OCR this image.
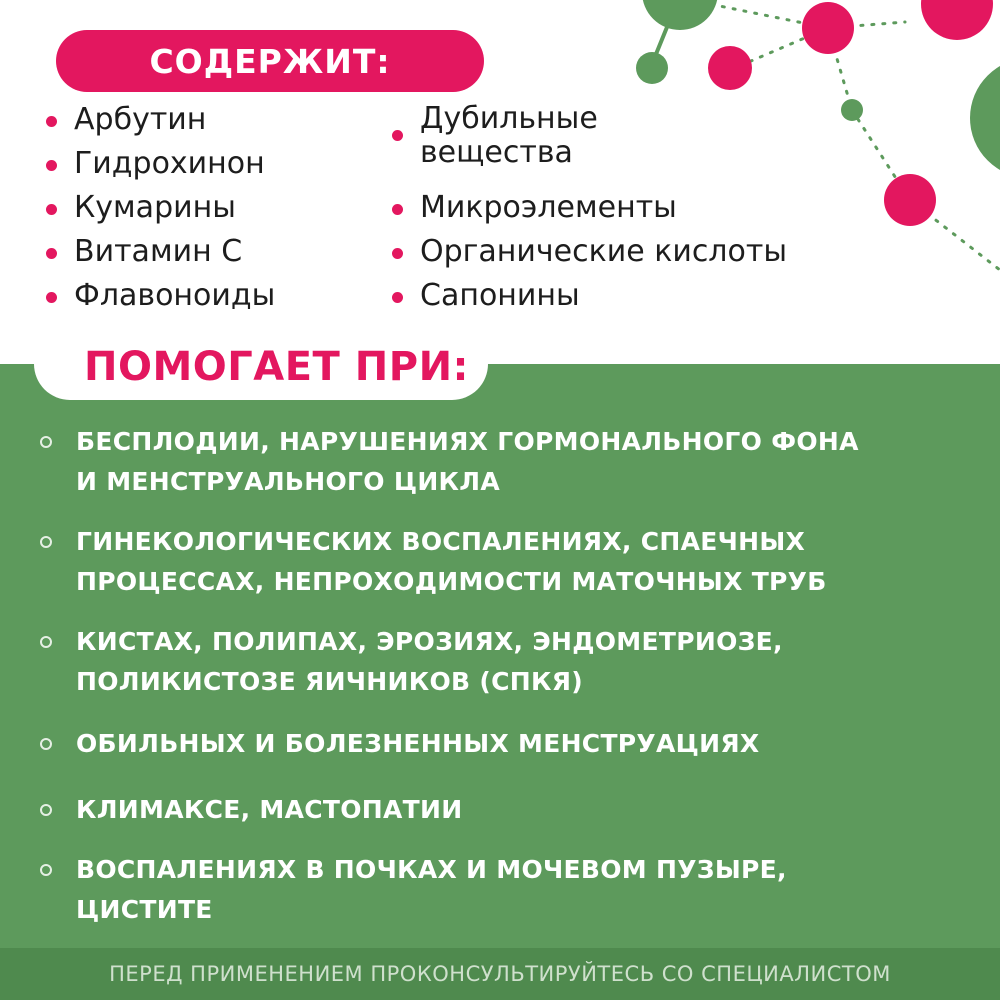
СОДЕРЖИТ:
Арбутин
Гидрохинон
Кумарины
Витамин С
Флавоноиды
Дубильные
вещества
Микроэлементы
Органические кислоты
Сапонины
ПОМОГАЕТ ПРИ:
БЕСПЛОДИИ, НАРУШЕНИЯХ ГОРМОНАЛЬНОГО ФОНА
И МЕНСТРУАЛЬНОГО ЦИКЛА
ГИНЕКОЛОГИЧЕСКИХ ВОСПАЛЕНИЯХ, СПАЕЧНЫХ
ПРОЦЕССАХ, НЕПРОХОДИМОСТИ МАТОЧНЫХ ТРУБ
КИСТАХ, ПОЛИПАХ, ЭРОЗИЯХ, ЭНДОМЕТРИОЗЕ,
ПОЛИКИСТОЗЕ ЯИЧНИКОВ (СПКЯ)
ОБИЛЬНЫХ И БОЛЕЗНЕННЫХ МЕНСТРУАЦИЯХ
КЛИМАКСЕ, МАСТОПАТИИ
ВОСПАЛЕНИЯХ В ПОЧКАХ И МОЧЕВОМ ПУЗЫРЕ,
ЦИСТИТЕ
ПЕРЕД ПРИМЕНЕНИЕМ ПРОКОНСУЛЬТИРУЙТЕСЬ СО СПЕЦИАЛИСТОМ
